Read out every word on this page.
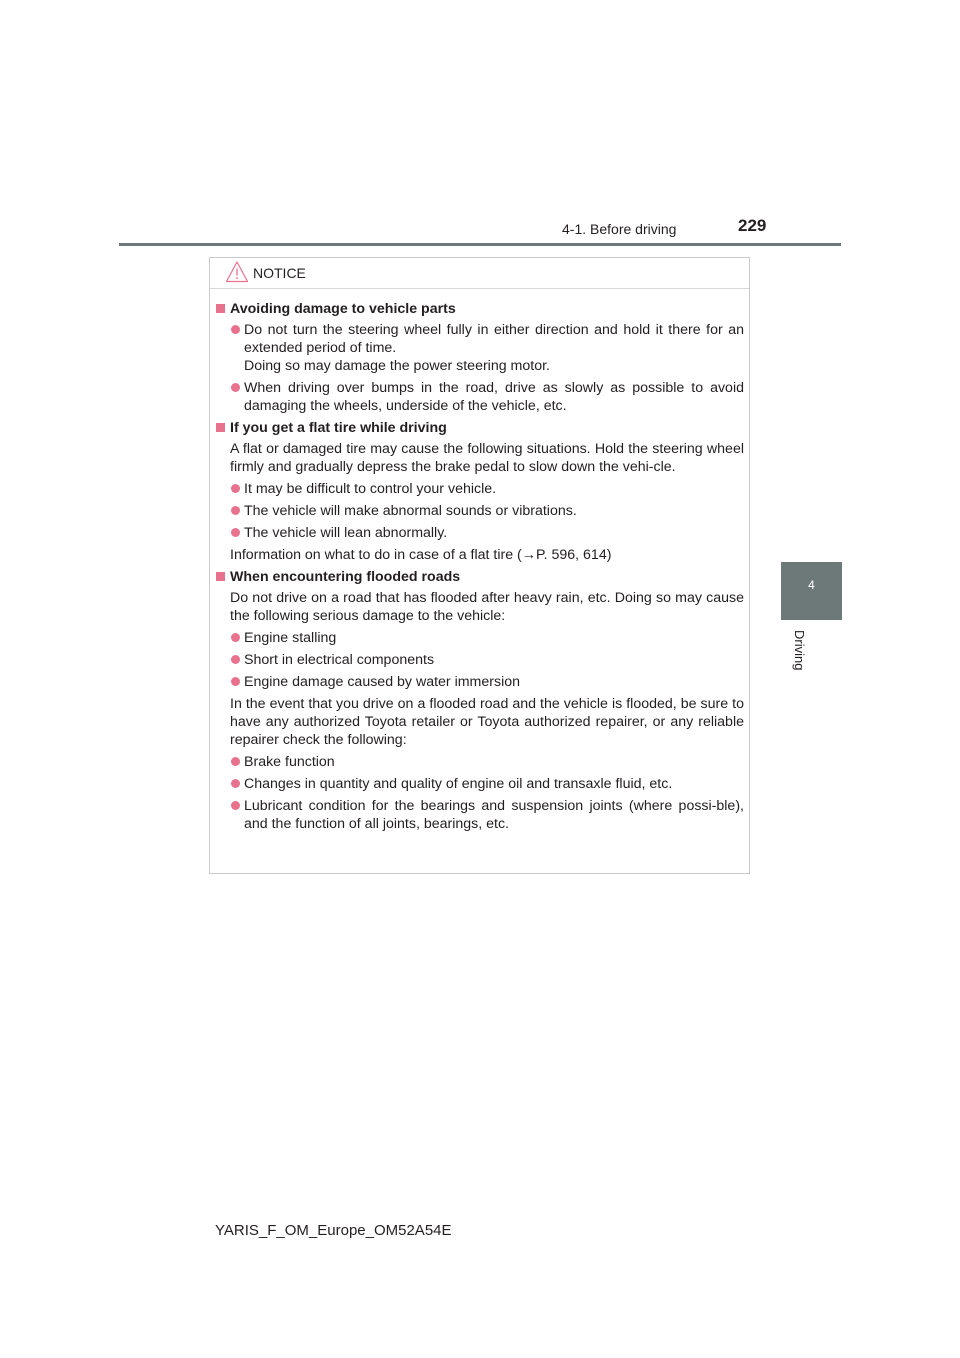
4-1. Before driving	229
4
Driving
NOTICE
Avoiding damage to vehicle parts
Do not turn the steering wheel fully in either direction and hold it there for an extended period of time.
Doing so may damage the power steering motor.
When driving over bumps in the road, drive as slowly as possible to avoid damaging the wheels, underside of the vehicle, etc.
If you get a flat tire while driving
A flat or damaged tire may cause the following situations. Hold the steering wheel firmly and gradually depress the brake pedal to slow down the vehi-cle.
It may be difficult to control your vehicle.
The vehicle will make abnormal sounds or vibrations.
The vehicle will lean abnormally.
Information on what to do in case of a flat tire (→P. 596, 614)
When encountering flooded roads
Do not drive on a road that has flooded after heavy rain, etc. Doing so may cause the following serious damage to the vehicle:
Engine stalling
Short in electrical components
Engine damage caused by water immersion
In the event that you drive on a flooded road and the vehicle is flooded, be sure to have any authorized Toyota retailer or Toyota authorized repairer, or any reliable repairer check the following:
Brake function
Changes in quantity and quality of engine oil and transaxle fluid, etc.
Lubricant condition for the bearings and suspension joints (where possi-ble), and the function of all joints, bearings, etc.
YARIS_F_OM_Europe_OM52A54E
